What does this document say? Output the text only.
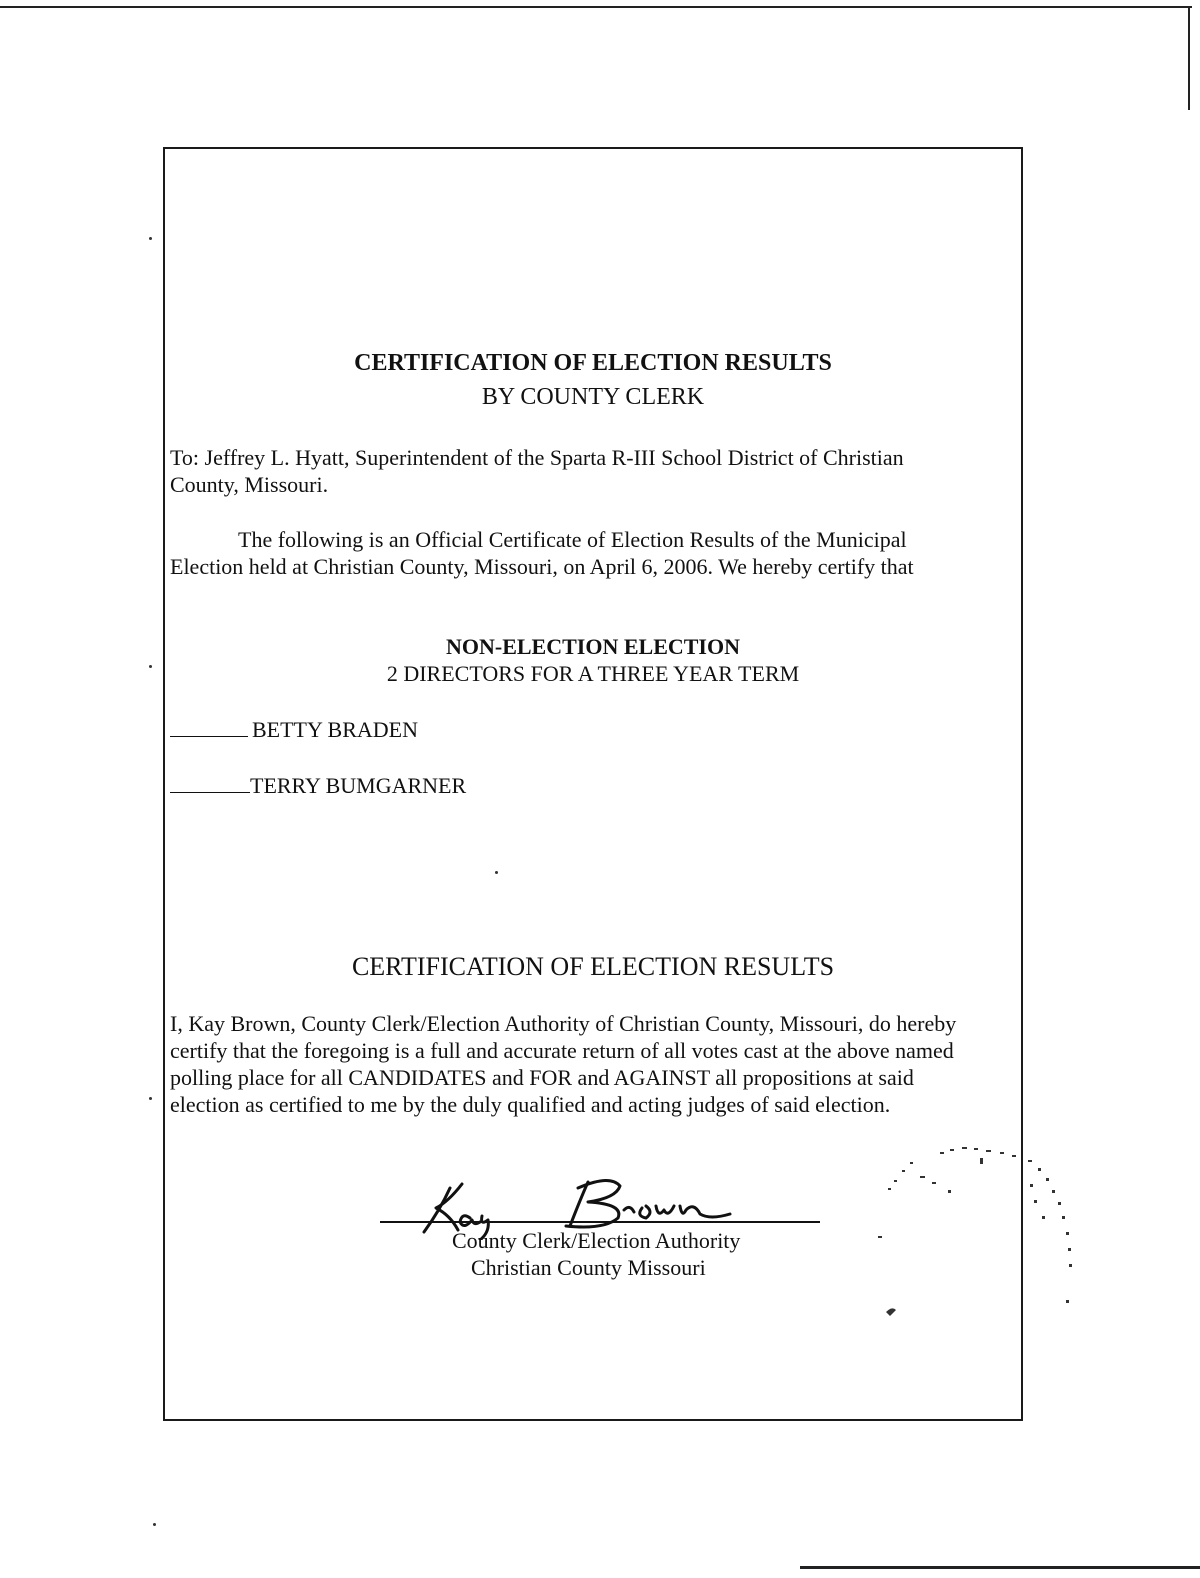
CERTIFICATION OF ELECTION RESULTS
BY COUNTY CLERK
To: Jeffrey L. Hyatt, Superintendent of the Sparta R-III School District of Christian
County, Missouri.
The following is an Official Certificate of Election Results of the Municipal
Election held at Christian County, Missouri, on April 6, 2006. We hereby certify that
NON-ELECTION ELECTION
2 DIRECTORS FOR A THREE YEAR TERM
BETTY BRADEN
TERRY BUMGARNER
CERTIFICATION OF ELECTION RESULTS
I, Kay Brown, County Clerk/Election Authority of Christian County, Missouri, do hereby
certify that the foregoing is a full and accurate return of all votes cast at the above named
polling place for all CANDIDATES and FOR and AGAINST all propositions at said
election as certified to me by the duly qualified and acting judges of said election.
County Clerk/Election Authority
Christian County Missouri
